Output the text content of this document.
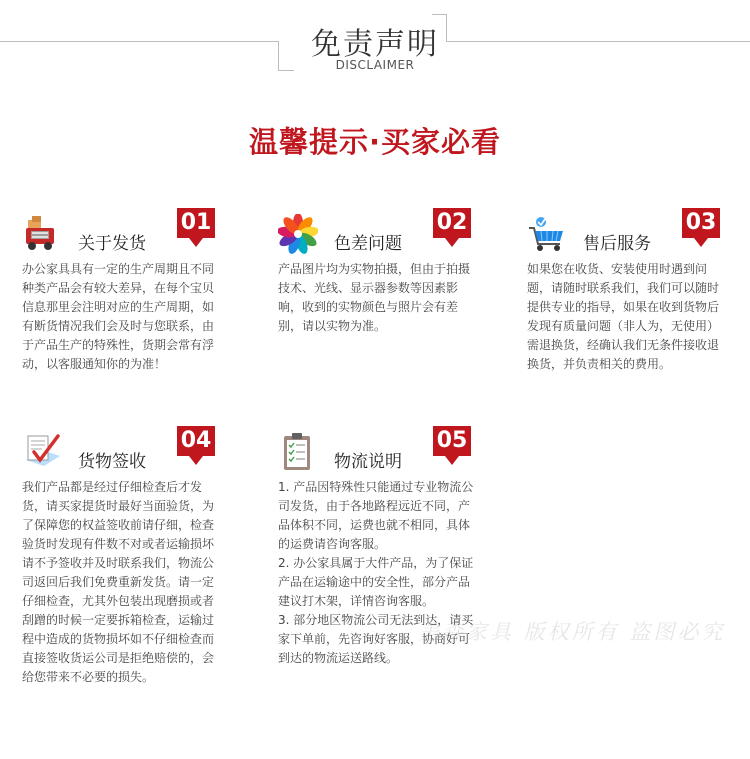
免责声明
DISCLAIMER
温馨提示·买家必看
关于发货
01
办公家具具有一定的生产周期且不同种类产品会有较大差异，在每个宝贝信息那里会注明对应的生产周期，如有断货情况我们会及时与您联系，由于产品生产的特殊性，货期会常有浮动，以客服通知你的为准！
色差问题
02
产品图片均为实物拍摄，但由于拍摄技术、光线、显示器参数等因素影响，收到的实物颜色与照片会有差别，请以实物为准。
售后服务
03
如果您在收货、安装使用时遇到问题，请随时联系我们，我们可以随时提供专业的指导，如果在收到货物后发现有质量问题（非人为，无使用）需退换货，经确认我们无条件接收退换货，并负责相关的费用。
货物签收
04
我们产品都是经过仔细检查后才发货，请买家提货时最好当面验货，为了保障您的权益签收前请仔细，检查验货时发现有件数不对或者运输损坏请不予签收并及时联系我们，物流公司返回后我们免费重新发货。请一定仔细检查，尤其外包装出现磨损或者刮蹭的时候一定要拆箱检查，运输过程中造成的货物损坏如不仔细检查而直接签收货运公司是拒绝赔偿的，会给您带来不必要的损失。
物流说明
05
1. 产品因特殊性只能通过专业物流公司发货，由于各地路程远近不同，产品体积不同，运费也就不相同，具体的运费请咨询客服。
2. 办公家具属于大件产品，为了保证产品在运输途中的安全性，部分产品建议打木架，详情咨询客服。
3. 部分地区物流公司无法到达，请买家下单前，先咨询好客服，协商好可到达的物流运送路线。
美森家具 版权所有 盗图必究
